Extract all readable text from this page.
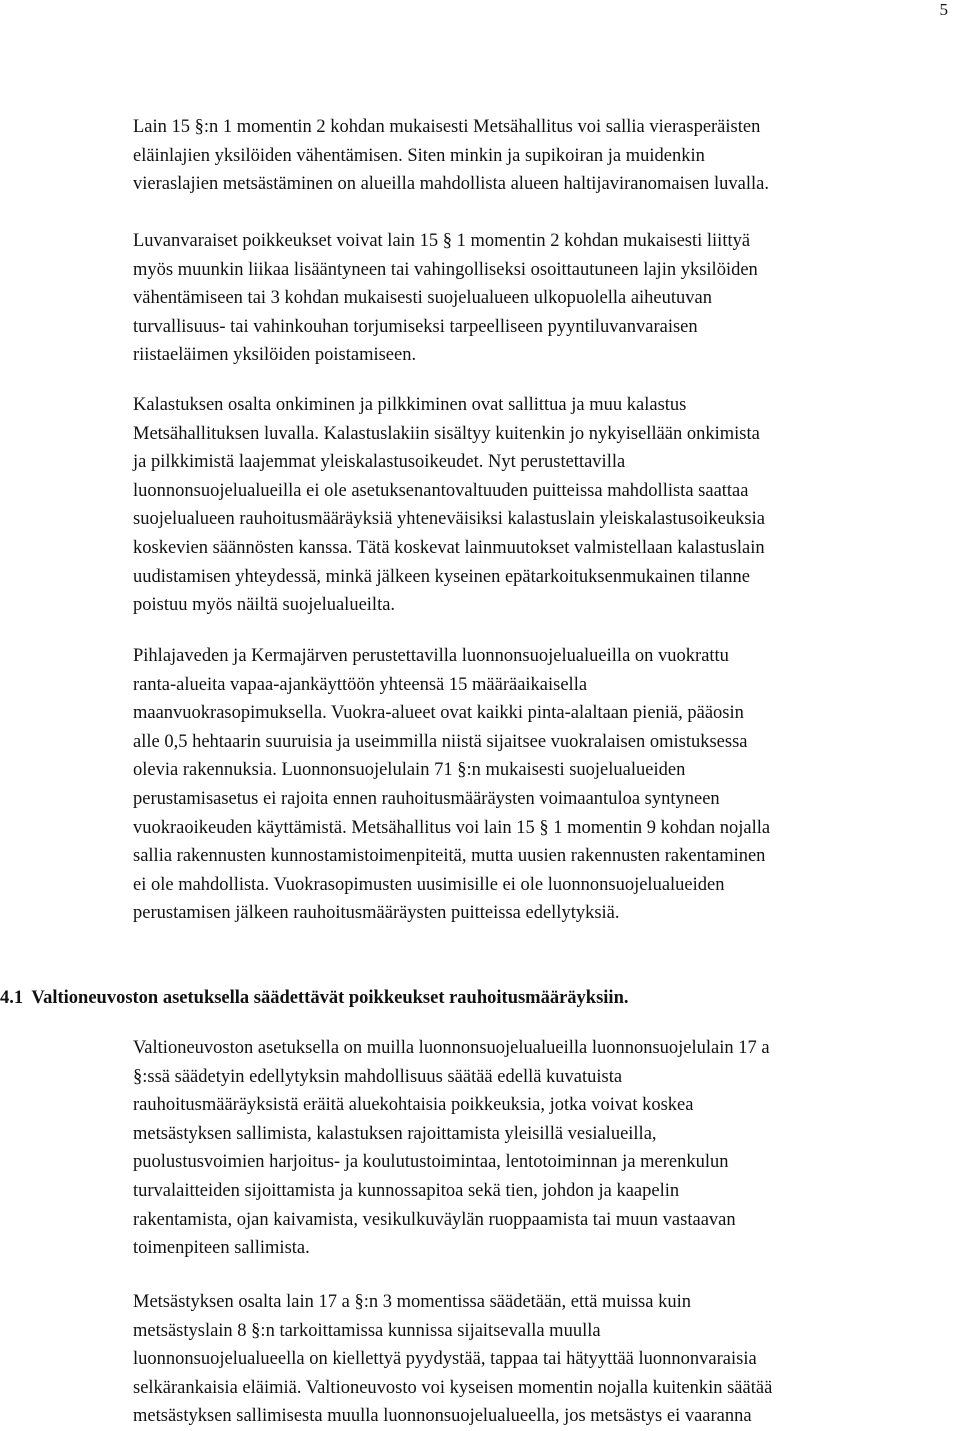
5
Lain 15 §:n 1 momentin 2 kohdan mukaisesti Metsähallitus voi sallia vierasperäisten
eläinlajien yksilöiden vähentämisen. Siten minkin ja supikoiran ja muidenkin
vieraslajien metsästäminen on alueilla mahdollista alueen haltijaviranomaisen luvalla.
Luvanvaraiset poikkeukset voivat lain 15 § 1 momentin 2 kohdan mukaisesti liittyä
myös muunkin liikaa lisääntyneen tai vahingolliseksi osoittautuneen lajin yksilöiden
vähentämiseen tai 3 kohdan mukaisesti suojelualueen ulkopuolella aiheutuvan
turvallisuus- tai vahinkouhan torjumiseksi tarpeelliseen pyyntiluvanvaraisen
riistaeläimen yksilöiden poistamiseen.
Kalastuksen osalta onkiminen ja pilkkiminen ovat sallittua ja muu kalastus
Metsähallituksen luvalla. Kalastuslakiin sisältyy kuitenkin jo nykyisellään onkimista
ja pilkkimistä laajemmat yleiskalastusoikeudet. Nyt perustettavilla
luonnonsuojelualueilla ei ole asetuksenantovaltuuden puitteissa mahdollista saattaa
suojelualueen rauhoitusmääräyksiä yhteneväisiksi kalastuslain yleiskalastusoikeuksia
koskevien säännösten kanssa. Tätä koskevat lainmuutokset valmistellaan kalastuslain
uudistamisen yhteydessä, minkä jälkeen kyseinen epätarkoituksenmukainen tilanne
poistuu myös näiltä suojelualueilta.
Pihlajaveden ja Kermajärven perustettavilla luonnonsuojelualueilla on vuokrattu
ranta-alueita vapaa-ajankäyttöön yhteensä 15 määräaikaisella
maanvuokrasopimuksella. Vuokra-alueet ovat kaikki pinta-alaltaan pieniä, pääosin
alle 0,5 hehtaarin suuruisia ja useimmilla niistä sijaitsee vuokralaisen omistuksessa
olevia rakennuksia. Luonnonsuojelulain 71 §:n mukaisesti suojelualueiden
perustamisasetus ei rajoita ennen rauhoitusmääräysten voimaantuloa syntyneen
vuokraoikeuden käyttämistä. Metsähallitus voi lain 15 § 1 momentin 9 kohdan nojalla
sallia rakennusten kunnostamistoimenpiteitä, mutta uusien rakennusten rakentaminen
ei ole mahdollista. Vuokrasopimusten uusimisille ei ole luonnonsuojelualueiden
perustamisen jälkeen rauhoitusmääräysten puitteissa edellytyksiä.
4.1 Valtioneuvoston asetuksella säädettävät poikkeukset rauhoitusmääräyksiin.
Valtioneuvoston asetuksella on muilla luonnonsuojelualueilla luonnonsuojelulain 17 a
§:ssä säädetyin edellytyksin mahdollisuus säätää edellä kuvatuista
rauhoitusmääräyksistä eräitä aluekohtaisia poikkeuksia, jotka voivat koskea
metsästyksen sallimista, kalastuksen rajoittamista yleisillä vesialueilla,
puolustusvoimien harjoitus- ja koulutustoimintaa, lentotoiminnan ja merenkulun
turvalaitteiden sijoittamista ja kunnossapitoa sekä tien, johdon ja kaapelin
rakentamista, ojan kaivamista, vesikulkuväylän ruoppaamista tai muun vastaavan
toimenpiteen sallimista.
Metsästyksen osalta lain 17 a §:n 3 momentissa säädetään, että muissa kuin
metsästyslain 8 §:n tarkoittamissa kunnissa sijaitsevalla muulla
luonnonsuojelualueella on kiellettyä pyydystää, tappaa tai hätyyttää luonnonvaraisia
selkärankaisia eläimiä. Valtioneuvosto voi kyseisen momentin nojalla kuitenkin säätää
metsästyksen sallimisesta muulla luonnonsuojelualueella, jos metsästys ei vaaranna
